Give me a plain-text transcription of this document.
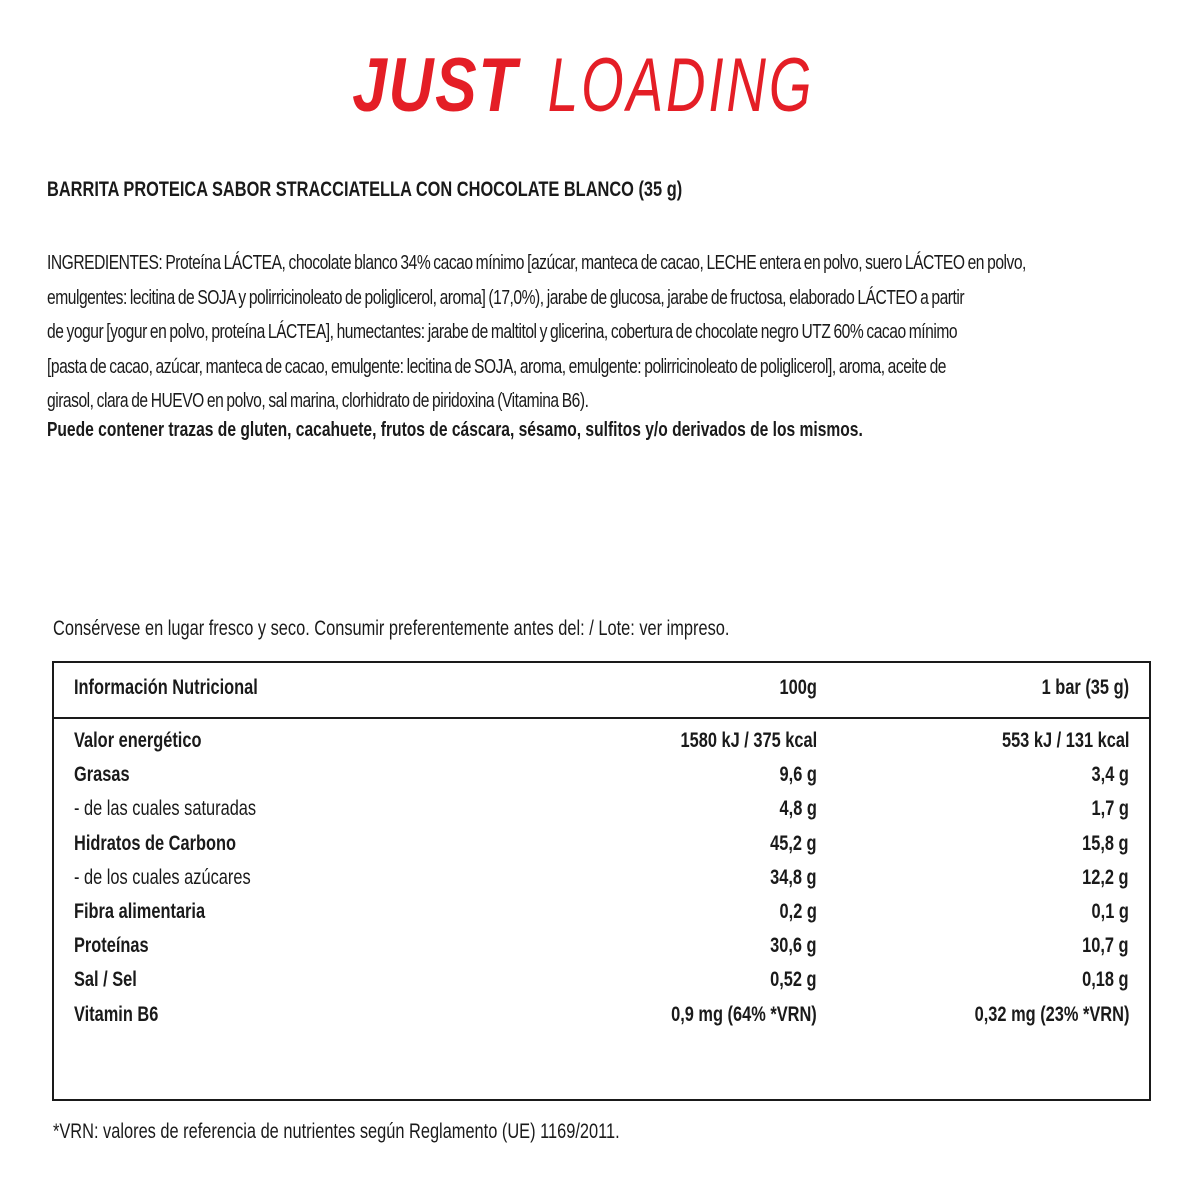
JUST LOADING
BARRITA PROTEICA SABOR STRACCIATELLA CON CHOCOLATE BLANCO (35 g)
INGREDIENTES: Proteína LÁCTEA, chocolate blanco 34% cacao mínimo [azúcar, manteca de cacao, LECHE entera en polvo, suero LÁCTEO en polvo,
emulgentes: lecitina de SOJA y polirricinoleato de poliglicerol, aroma] (17,0%), jarabe de glucosa, jarabe de fructosa, elaborado LÁCTEO a partir
de yogur [yogur en polvo, proteína LÁCTEA], humectantes: jarabe de maltitol y glicerina, cobertura de chocolate negro UTZ 60% cacao mínimo
[pasta de cacao, azúcar, manteca de cacao, emulgente: lecitina de SOJA, aroma, emulgente: polirricinoleato de poliglicerol], aroma, aceite de
girasol, clara de HUEVO en polvo, sal marina, clorhidrato de piridoxina (Vitamina B6).
Puede contener trazas de gluten, cacahuete, frutos de cáscara, sésamo, sulfitos y/o derivados de los mismos.
Consérvese en lugar fresco y seco. Consumir preferentemente antes del: / Lote: ver impreso.
Información Nutricional	100g	1 bar (35 g)
Valor energético	1580 kJ / 375 kcal	553 kJ / 131 kcal
Grasas	9,6 g	3,4 g
- de las cuales saturadas	4,8 g	1,7 g
Hidratos de Carbono	45,2 g	15,8 g
- de los cuales azúcares	34,8 g	12,2 g
Fibra alimentaria	0,2 g	0,1 g
Proteínas	30,6 g	10,7 g
Sal / Sel	0,52 g	0,18 g
Vitamin B6	0,9 mg (64% *VRN)	0,32 mg (23% *VRN)
*VRN: valores de referencia de nutrientes según Reglamento (UE) 1169/2011.
